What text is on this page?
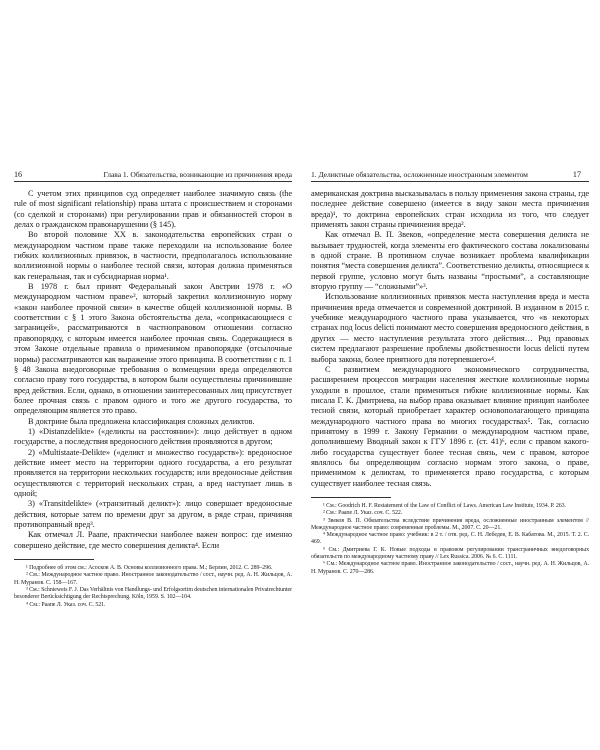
16	Глава 1. Обязательства, возникающие из причинения вреда

С учетом этих принципов суд определяет наиболее значимую связь (the rule of most significant relationship) права штата с происшествием и сторонами (со сделкой и сторонами) при регулировании прав и обязанностей сторон в делах о гражданском правонарушении (§ 145).

Во второй половине XX в. законодательства европейских стран о международном частном праве также переходили на использование более гибких коллизионных привязок, в частности, предполагалось использование коллизионной нормы о наиболее тесной связи, которая должна применяться как генеральная, так и субсидиарная норма¹.

В 1978 г. был принят Федеральный закон Австрии 1978 г. «О международном частном праве»², который закрепил коллизионную норму «закон наиболее прочной связи» в качестве общей коллизионной нормы. В соответствии с § 1 этого Закона обстоятельства дела, «соприкасающиеся с заграницей», рассматриваются в частноправовом отношении согласно правопорядку, с которым имеется наиболее прочная связь. Содержащиеся в этом Законе отдельные правила о применимом правопорядке (отсылочные нормы) рассматриваются как выражение этого принципа. В соответствии с п. 1 § 48 Закона внедоговорные требования о возмещении вреда определяются согласно праву того государства, в котором были осуществлены причинившие вред действия. Если, однако, в отношении заинтересованных лиц присутствует более прочная связь с правом одного и того же другого государства, то определяющим является это право.

В доктрине была предложена классификация сложных деликтов.

1) «Distanzdelikte» («деликты на расстоянии»): лицо действует в одном государстве, а последствия вредоносного действия проявляются в другом;

2) «Multistaate-Delikte» («деликт и множество государств»): вредоносное действие имеет место на территории одного государства, а его результат проявляется на территории нескольких государств; или вредоносные действия осуществляются с территорий нескольких стран, а вред наступает лишь в одной;

3) «Transitdelikte» («транзитный деликт»): лицо совершает вредоносные действия, которые затем по времени друг за другом, в ряде стран, причиняя противоправный вред³.

Как отмечал Л. Раапе, практически наиболее важен вопрос: где именно совершено действие, где место совершения деликта⁴. Если

¹ Подробнее об этом см.: Асосков А. В. Основы коллизионного права. М.; Берлин, 2012. С. 289–296.

² См.: Международное частное право. Иностранное законодательство / сост., научн. ред. А. Н. Жильцов, А. Н. Муранов. С. 158—167.

³ См.: Schnieweis F. J. Das Verhältnis von Handlungs- und Erfolgsortim deutschen internationalen Privatrechtunter besonderer Berücksichtigung der Rechtsprechung. Köln, 1959. S. 102—104.

⁴ См.: Раапе Л. Указ. соч. С. 521.

1. Деликтные обязательства, осложненные иностранным элементом	17

американская доктрина высказывалась в пользу применения закона страны, где последнее действие совершено (имеется в виду закон места причинения вреда)¹, то доктрина европейских стран исходила из того, что следует применять закон страны причинения вреда².

Как отмечал В. П. Звеков, «определение места совершения деликта не вызывает трудностей, когда элементы его фактического состава локализованы в одной стране. В противном случае возникает проблема квалификации понятия “места совершения деликта”. Соответственно деликты, относящиеся к первой группе, условно могут быть названы “простыми”, а составляющие вторую группу — “сложными”»³.

Использование коллизионных привязок места наступления вреда и места причинения вреда отмечается и современной доктриной. В изданном в 2015 г. учебнике международного частного права указывается, что «в некоторых странах под locus delicti понимают место совершения вредоносного действия, в других — место наступления результата этого действия… Ряд правовых систем предлагают разрешение проблемы двойственности locus delicti путем выбора закона, более приятного для потерпевшего»⁴.

С развитием международного экономического сотрудничества, расширением процессов миграции населения жесткие коллизионные нормы уходили в прошлое, стали применяться гибкие коллизионные нормы. Как писала Г. К. Дмитриева, на выбор права оказывает влияние принцип наиболее тесной связи, который приобретает характер основополагающего принципа международного частного права во многих государствах⁵. Так, согласно принятому в 1999 г. Закону Германии о международном частном праве, дополнившему Вводный закон к ГГУ 1896 г. (ст. 41)⁶, если с правом какого-либо государства существует более тесная связь, чем с правом, которое являлось бы определяющим согласно нормам этого закона, о праве, применимом к деликтам, то применяется право государства, с которым существует наиболее тесная связь.

¹ См.: Goodrich H. F. Restatement of the Law of Conflict of Laws. American Law Institute, 1934. P. 263.

² См.: Раапе Л. Указ. соч. С. 522.

³ Звеков В. П. Обязательства вследствие причинения вреда, осложненные иностранным элементом // Международное частное право: современные проблемы. М., 2007. С. 20—21.

⁴ Международное частное право: учебник: в 2 т. / отв. ред. С. Н. Лебедев, Е. В. Кабатова. М., 2015. Т. 2. С. 469.

⁵ См.: Дмитриева Г. К. Новые подходы в правовом регулировании трансграничных внедоговорных обязательств по международному частному праву // Lex Russica. 2006. № 6. С. 1111.

⁶ См.: Международное частное право. Иностранное законодательство / сост., научн. ред. А. Н. Жильцов, А. Н. Муранов. С. 270—286.
